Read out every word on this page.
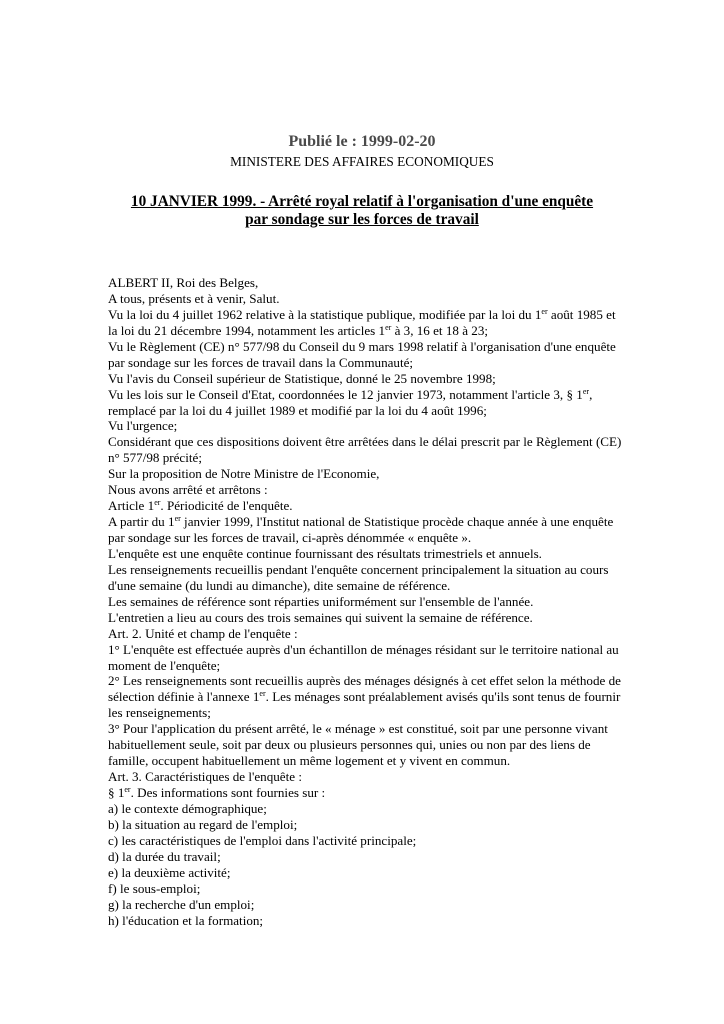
Publié le : 1999-02-20
MINISTERE DES AFFAIRES ECONOMIQUES
10 JANVIER 1999. - Arrêté royal relatif à l'organisation d'une enquête
par sondage sur les forces de travail
ALBERT II, Roi des Belges,
A tous, présents et à venir, Salut.
Vu la loi du 4 juillet 1962 relative à la statistique publique, modifiée par la loi du 1er août 1985 et
la loi du 21 décembre 1994, notamment les articles 1er à 3, 16 et 18 à 23;
Vu le Règlement (CE) n° 577/98 du Conseil du 9 mars 1998 relatif à l'organisation d'une enquête
par sondage sur les forces de travail dans la Communauté;
Vu l'avis du Conseil supérieur de Statistique, donné le 25 novembre 1998;
Vu les lois sur le Conseil d'Etat, coordonnées le 12 janvier 1973, notamment l'article 3, § 1er,
remplacé par la loi du 4 juillet 1989 et modifié par la loi du 4 août 1996;
Vu l'urgence;
Considérant que ces dispositions doivent être arrêtées dans le délai prescrit par le Règlement (CE)
n° 577/98 précité;
Sur la proposition de Notre Ministre de l'Economie,
Nous avons arrêté et arrêtons :
Article 1er. Périodicité de l'enquête.
A partir du 1er janvier 1999, l'Institut national de Statistique procède chaque année à une enquête
par sondage sur les forces de travail, ci-après dénommée « enquête ».
L'enquête est une enquête continue fournissant des résultats trimestriels et annuels.
Les renseignements recueillis pendant l'enquête concernent principalement la situation au cours
d'une semaine (du lundi au dimanche), dite semaine de référence.
Les semaines de référence sont réparties uniformément sur l'ensemble de l'année.
L'entretien a lieu au cours des trois semaines qui suivent la semaine de référence.
Art. 2. Unité et champ de l'enquête :
1° L'enquête est effectuée auprès d'un échantillon de ménages résidant sur le territoire national au
moment de l'enquête;
2° Les renseignements sont recueillis auprès des ménages désignés à cet effet selon la méthode de
sélection définie à l'annexe 1er. Les ménages sont préalablement avisés qu'ils sont tenus de fournir
les renseignements;
3° Pour l'application du présent arrêté, le « ménage » est constitué, soit par une personne vivant
habituellement seule, soit par deux ou plusieurs personnes qui, unies ou non par des liens de
famille, occupent habituellement un même logement et y vivent en commun.
Art. 3. Caractéristiques de l'enquête :
§ 1er. Des informations sont fournies sur :
a) le contexte démographique;
b) la situation au regard de l'emploi;
c) les caractéristiques de l'emploi dans l'activité principale;
d) la durée du travail;
e) la deuxième activité;
f) le sous-emploi;
g) la recherche d'un emploi;
h) l'éducation et la formation;
